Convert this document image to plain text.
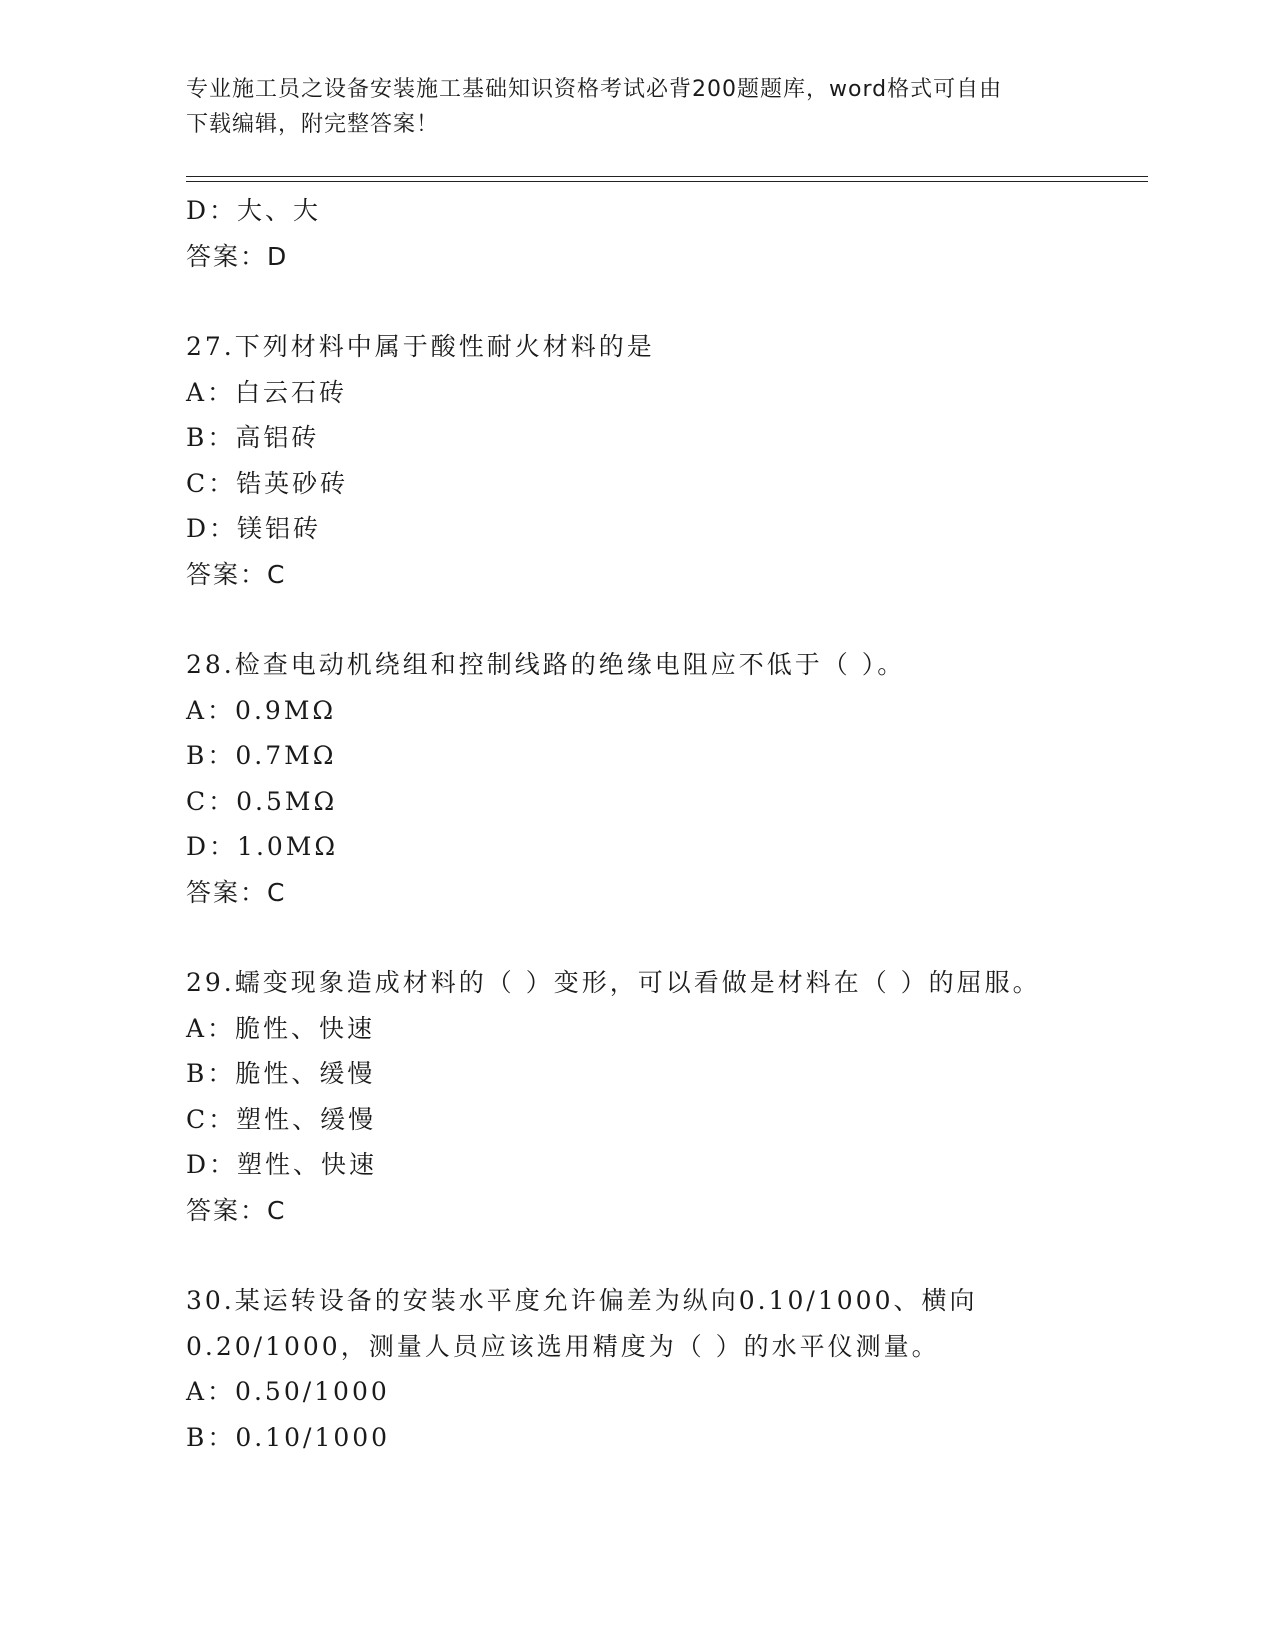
专业施工员之设备安装施工基础知识资格考试必背200题题库，word格式可自由
下载编辑，附完整答案！
D：大、大
答案：D
27.下列材料中属于酸性耐火材料的是
A：白云石砖
B：高铝砖
C：锆英砂砖
D：镁铝砖
答案：C
28.检查电动机绕组和控制线路的绝缘电阻应不低于（ ）。
A：0.9MΩ
B：0.7MΩ
C：0.5MΩ
D：1.0MΩ
答案：C
29.蠕变现象造成材料的（ ）变形，可以看做是材料在（ ）的屈服。
A：脆性、快速
B：脆性、缓慢
C：塑性、缓慢
D：塑性、快速
答案：C
30.某运转设备的安装水平度允许偏差为纵向0.10/1000、横向
0.20/1000，测量人员应该选用精度为（ ）的水平仪测量。
A：0.50/1000
B：0.10/1000
